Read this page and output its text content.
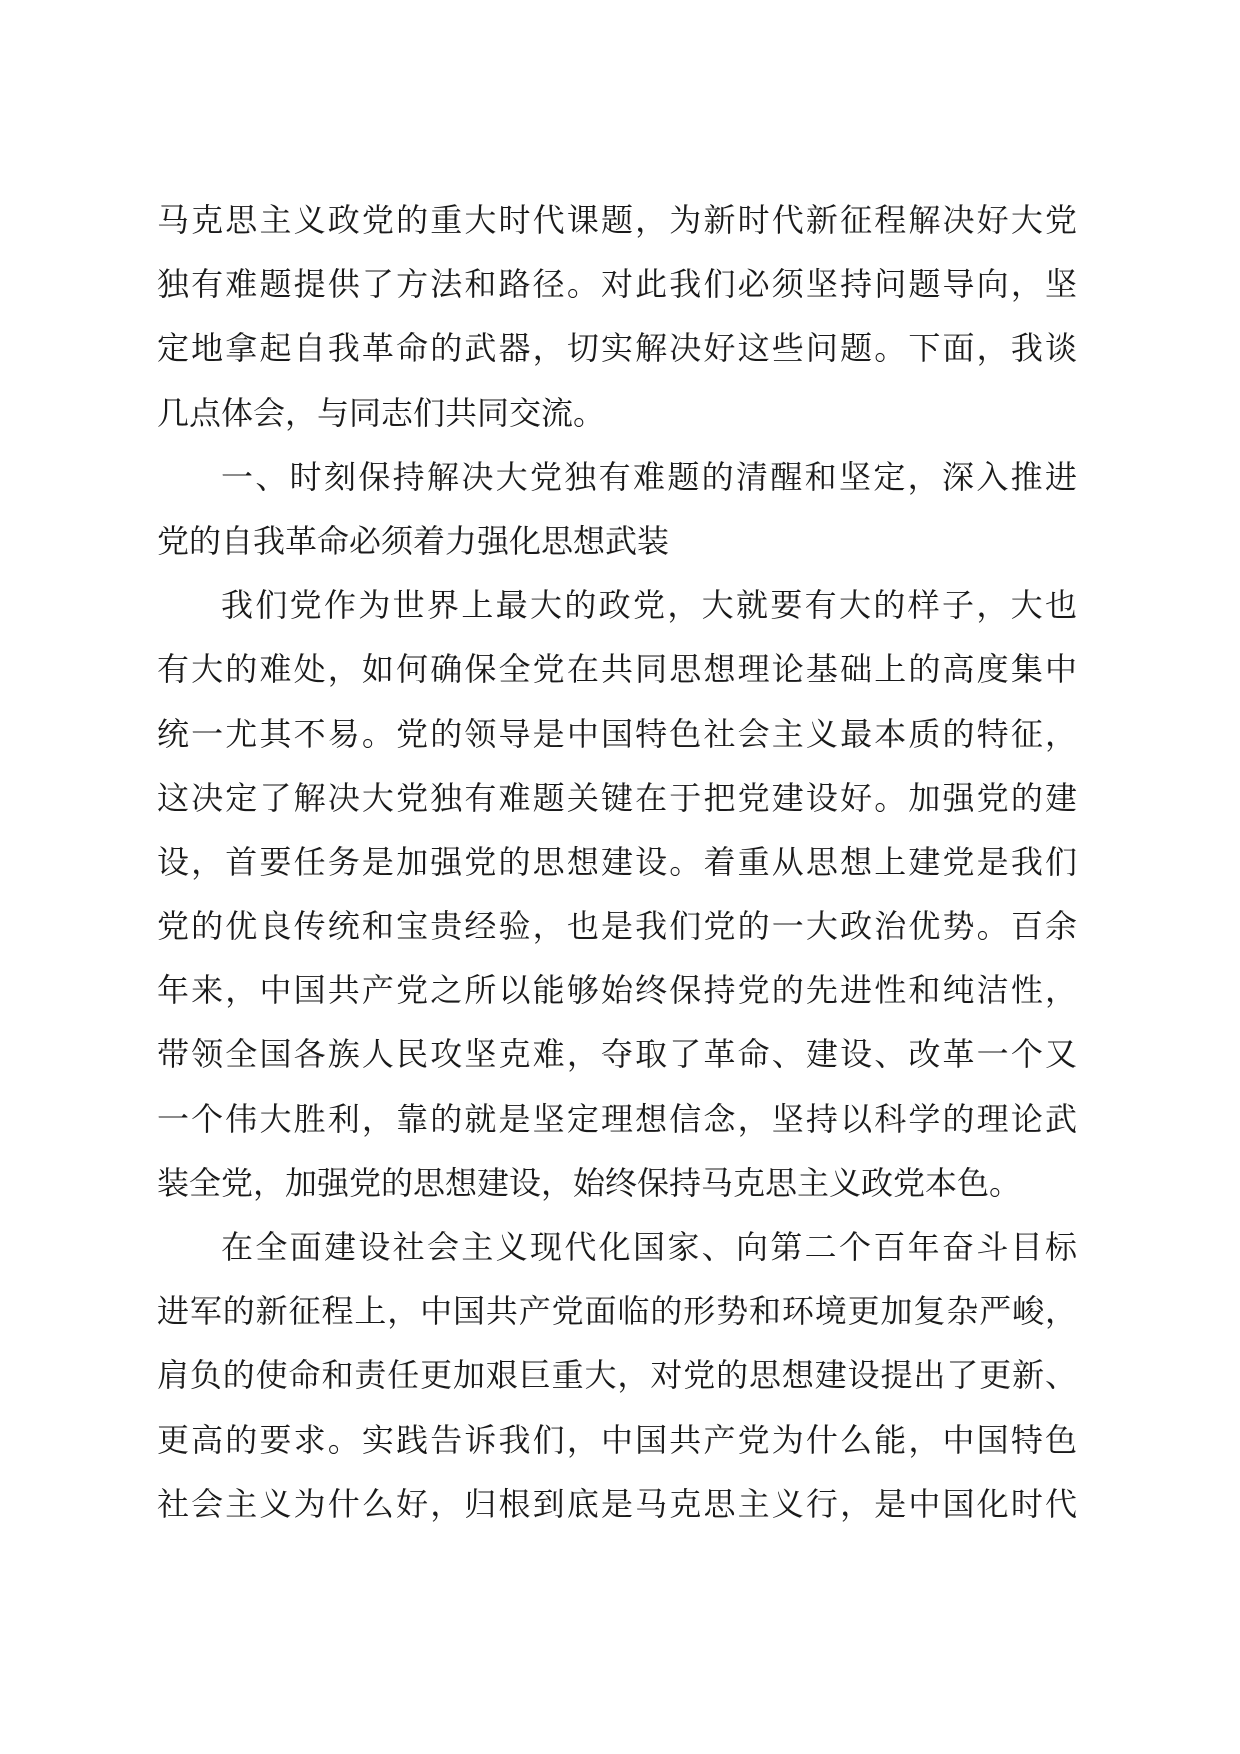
马克思主义政党的重大时代课题，为新时代新征程解决好大党
独有难题提供了方法和路径。对此我们必须坚持问题导向，坚
定地拿起自我革命的武器，切实解决好这些问题。下面，我谈
几点体会，与同志们共同交流。
一、时刻保持解决大党独有难题的清醒和坚定，深入推进
党的自我革命必须着力强化思想武装
我们党作为世界上最大的政党，大就要有大的样子，大也
有大的难处，如何确保全党在共同思想理论基础上的高度集中
统一尤其不易。党的领导是中国特色社会主义最本质的特征，
这决定了解决大党独有难题关键在于把党建设好。加强党的建
设，首要任务是加强党的思想建设。着重从思想上建党是我们
党的优良传统和宝贵经验，也是我们党的一大政治优势。百余
年来，中国共产党之所以能够始终保持党的先进性和纯洁性，
带领全国各族人民攻坚克难，夺取了革命、建设、改革一个又
一个伟大胜利，靠的就是坚定理想信念，坚持以科学的理论武
装全党，加强党的思想建设，始终保持马克思主义政党本色。
在全面建设社会主义现代化国家、向第二个百年奋斗目标
进军的新征程上，中国共产党面临的形势和环境更加复杂严峻，
肩负的使命和责任更加艰巨重大，对党的思想建设提出了更新、
更高的要求。实践告诉我们，中国共产党为什么能，中国特色
社会主义为什么好，归根到底是马克思主义行，是中国化时代
